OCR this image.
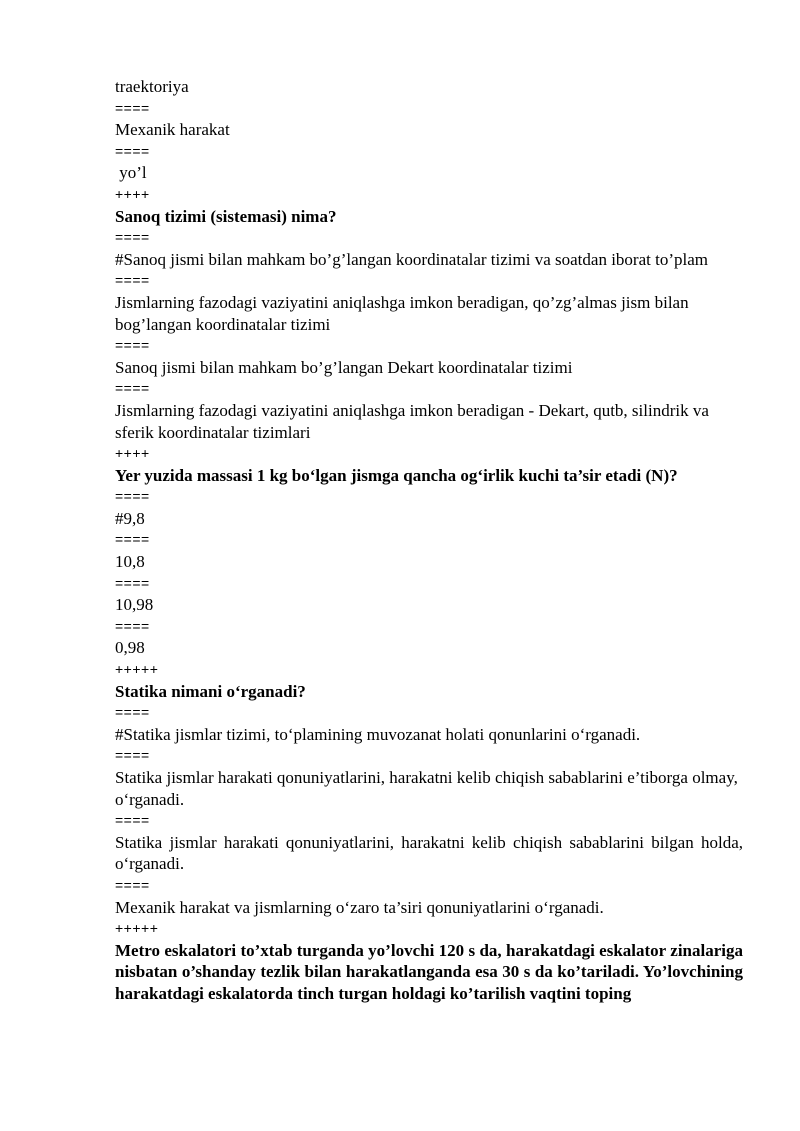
traektoriya
====
Mexanik harakat
====
yo’l
++++
Sanoq tizimi (sistemasi) nima?
====
#Sanoq jismi bilan mahkam bo’g’langan koordinatalar tizimi va soatdan iborat to’plam
====
Jismlarning fazodagi vaziyatini aniqlashga imkon beradigan, qo’zg’almas jism bilan bog’langan koordinatalar tizimi
====
Sanoq jismi bilan mahkam bo’g’langan Dekart koordinatalar tizimi
====
Jismlarning fazodagi vaziyatini aniqlashga imkon beradigan - Dekart, qutb, silindrik va sferik koordinatalar tizimlari
++++
Yer yuzida massasi 1 kg bo‘lgan jismga qancha og‘irlik kuchi ta’sir etadi (N)?
====
#9,8
====
10,8
====
10,98
====
0,98
+++++
Statika nimani o‘rganadi?
====
#Statika jismlar tizimi, to‘plamining muvozanat holati qonunlarini o‘rganadi.
====
Statika jismlar harakati qonuniyatlarini, harakatni kelib chiqish sabablarini e’tiborga olmay, o‘rganadi.
====
Statika jismlar harakati qonuniyatlarini, harakatni kelib chiqish sabablarini bilgan holda, o‘rganadi.
====
Mexanik harakat va jismlarning o‘zaro ta’siri qonuniyatlarini o‘rganadi.
+++++
Metro eskalatori to’xtab turganda yo’lovchi 120 s da, harakatdagi eskalator zinalariga nisbatan o’shanday tezlik bilan harakatlanganda esa 30 s da ko’tariladi. Yo’lovchining harakatdagi eskalatorda tinch turgan holdagi ko’tarilish vaqtini toping
